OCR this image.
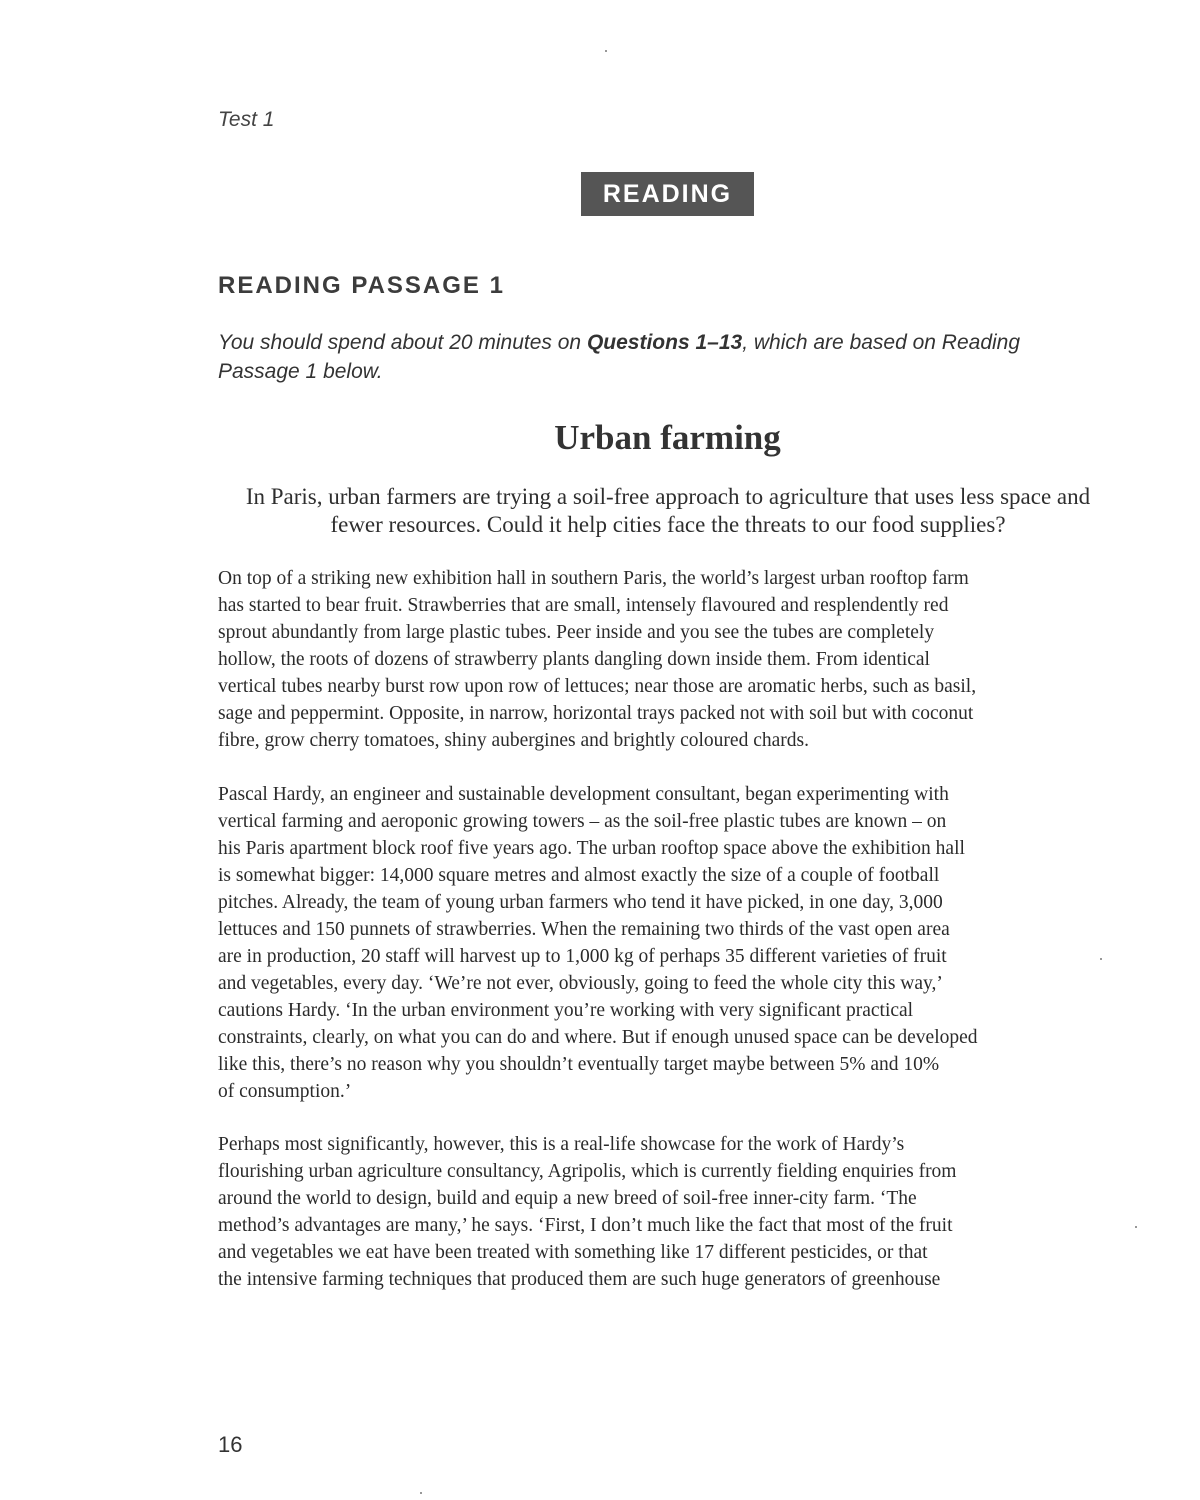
Test 1
READING
READING PASSAGE 1
You should spend about 20 minutes on Questions 1–13, which are based on Reading
Passage 1 below.
Urban farming
In Paris, urban farmers are trying a soil-free approach to agriculture that uses less space and fewer resources. Could it help cities face the threats to our food supplies?
On top of a striking new exhibition hall in southern Paris, the world’s largest urban rooftop farm
has started to bear fruit. Strawberries that are small, intensely flavoured and resplendently red
sprout abundantly from large plastic tubes. Peer inside and you see the tubes are completely
hollow, the roots of dozens of strawberry plants dangling down inside them. From identical
vertical tubes nearby burst row upon row of lettuces; near those are aromatic herbs, such as basil,
sage and peppermint. Opposite, in narrow, horizontal trays packed not with soil but with coconut
fibre, grow cherry tomatoes, shiny aubergines and brightly coloured chards.
Pascal Hardy, an engineer and sustainable development consultant, began experimenting with
vertical farming and aeroponic growing towers – as the soil-free plastic tubes are known – on
his Paris apartment block roof five years ago. The urban rooftop space above the exhibition hall
is somewhat bigger: 14,000 square metres and almost exactly the size of a couple of football
pitches. Already, the team of young urban farmers who tend it have picked, in one day, 3,000
lettuces and 150 punnets of strawberries. When the remaining two thirds of the vast open area
are in production, 20 staff will harvest up to 1,000 kg of perhaps 35 different varieties of fruit
and vegetables, every day. ‘We’re not ever, obviously, going to feed the whole city this way,’
cautions Hardy. ‘In the urban environment you’re working with very significant practical
constraints, clearly, on what you can do and where. But if enough unused space can be developed
like this, there’s no reason why you shouldn’t eventually target maybe between 5% and 10%
of consumption.’
Perhaps most significantly, however, this is a real-life showcase for the work of Hardy’s
flourishing urban agriculture consultancy, Agripolis, which is currently fielding enquiries from
around the world to design, build and equip a new breed of soil-free inner-city farm. ‘The
method’s advantages are many,’ he says. ‘First, I don’t much like the fact that most of the fruit
and vegetables we eat have been treated with something like 17 different pesticides, or that
the intensive farming techniques that produced them are such huge generators of greenhouse
16
